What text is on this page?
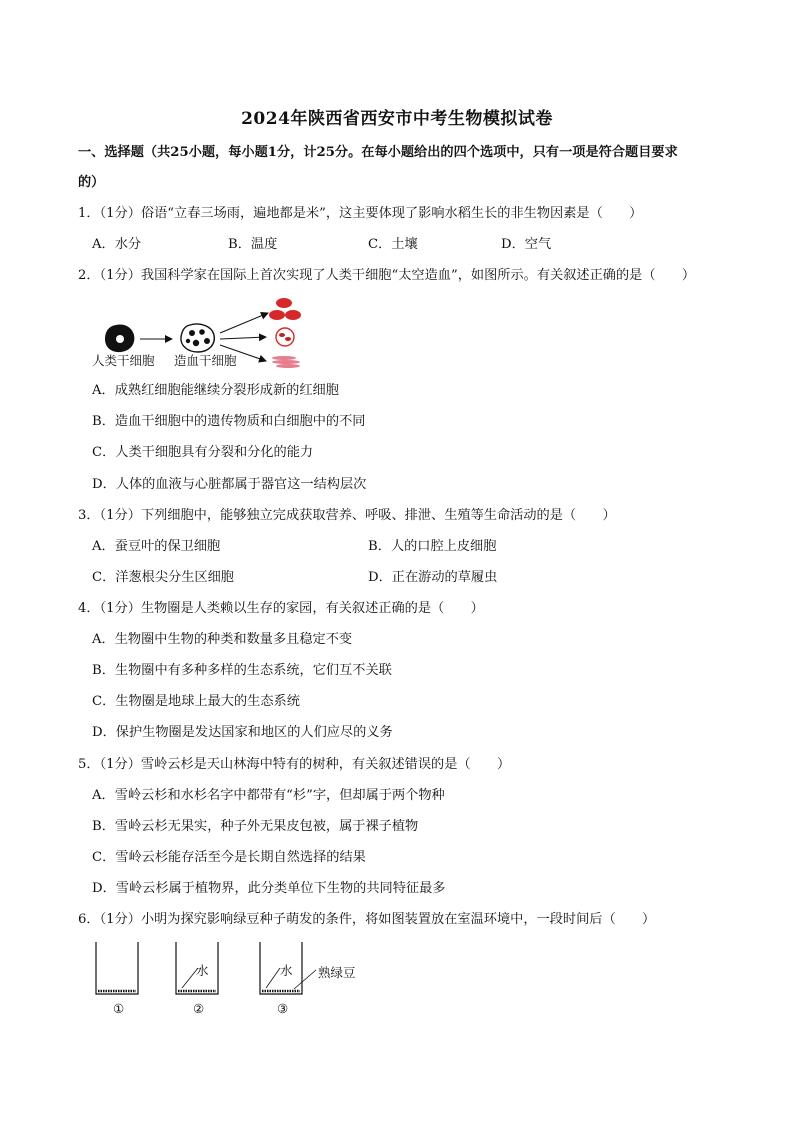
2024年陕西省西安市中考生物模拟试卷
一、选择题（共25小题，每小题1分，计25分。在每小题给出的四个选项中，只有一项是符合题目要求
的）
1．（1分）俗语“立春三场雨，遍地都是米”，这主要体现了影响水稻生长的非生物因素是（　　）
A．水分	B．温度	C．土壤	D．空气
2．（1分）我国科学家在国际上首次实现了人类干细胞“太空造血”，如图所示。有关叙述正确的是（　　）
人类干细胞 造血干细胞
A．成熟红细胞能继续分裂形成新的红细胞
B．造血干细胞中的遗传物质和白细胞中的不同
C．人类干细胞具有分裂和分化的能力
D．人体的血液与心脏都属于器官这一结构层次
3．（1分）下列细胞中，能够独立完成获取营养、呼吸、排泄、生殖等生命活动的是（　　）
A．蚕豆叶的保卫细胞	B．人的口腔上皮细胞
C．洋葱根尖分生区细胞	D．正在游动的草履虫
4．（1分）生物圈是人类赖以生存的家园，有关叙述正确的是（　　）
A．生物圈中生物的种类和数量多且稳定不变
B．生物圈中有多种多样的生态系统，它们互不关联
C．生物圈是地球上最大的生态系统
D．保护生物圈是发达国家和地区的人们应尽的义务
5．（1分）雪岭云杉是天山林海中特有的树种，有关叙述错误的是（　　）
A．雪岭云杉和水杉名字中都带有“杉”字，但却属于两个物种
B．雪岭云杉无果实，种子外无果皮包被，属于裸子植物
C．雪岭云杉能存活至今是长期自然选择的结果
D．雪岭云杉属于植物界，此分类单位下生物的共同特征最多
6．（1分）小明为探究影响绿豆种子萌发的条件，将如图装置放在室温环境中，一段时间后（　　）
水	水 熟绿豆
①	②	③
